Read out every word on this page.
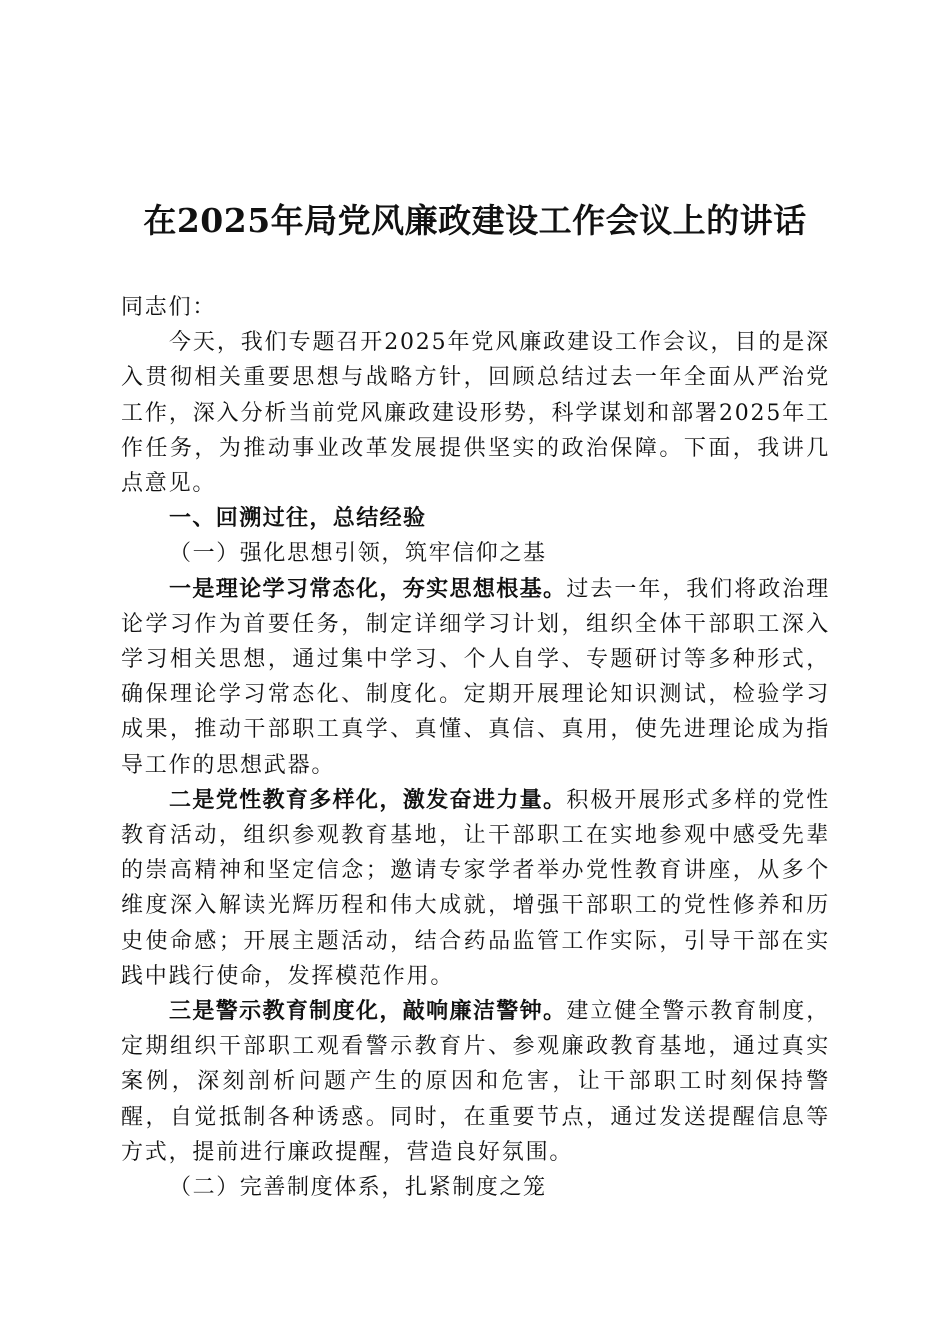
在2025年局党风廉政建设工作会议上的讲话

同志们：

今天，我们专题召开2025年党风廉政建设工作会议，目的是深入贯彻相关重要思想与战略方针，回顾总结过去一年全面从严治党工作，深入分析当前党风廉政建设形势，科学谋划和部署2025年工作任务，为推动事业改革发展提供坚实的政治保障。下面，我讲几点意见。

一、回溯过往，总结经验

（一）强化思想引领，筑牢信仰之基

一是理论学习常态化，夯实思想根基。过去一年，我们将政治理论学习作为首要任务，制定详细学习计划，组织全体干部职工深入学习相关思想，通过集中学习、个人自学、专题研讨等多种形式，确保理论学习常态化、制度化。定期开展理论知识测试，检验学习成果，推动干部职工真学、真懂、真信、真用，使先进理论成为指导工作的思想武器。

二是党性教育多样化，激发奋进力量。积极开展形式多样的党性教育活动，组织参观教育基地，让干部职工在实地参观中感受先辈的崇高精神和坚定信念；邀请专家学者举办党性教育讲座，从多个维度深入解读光辉历程和伟大成就，增强干部职工的党性修养和历史使命感；开展主题活动，结合药品监管工作实际，引导干部在实践中践行使命，发挥模范作用。

三是警示教育制度化，敲响廉洁警钟。建立健全警示教育制度，定期组织干部职工观看警示教育片、参观廉政教育基地，通过真实案例，深刻剖析问题产生的原因和危害，让干部职工时刻保持警醒，自觉抵制各种诱惑。同时，在重要节点，通过发送提醒信息等方式，提前进行廉政提醒，营造良好氛围。

（二）完善制度体系，扎紧制度之笼
